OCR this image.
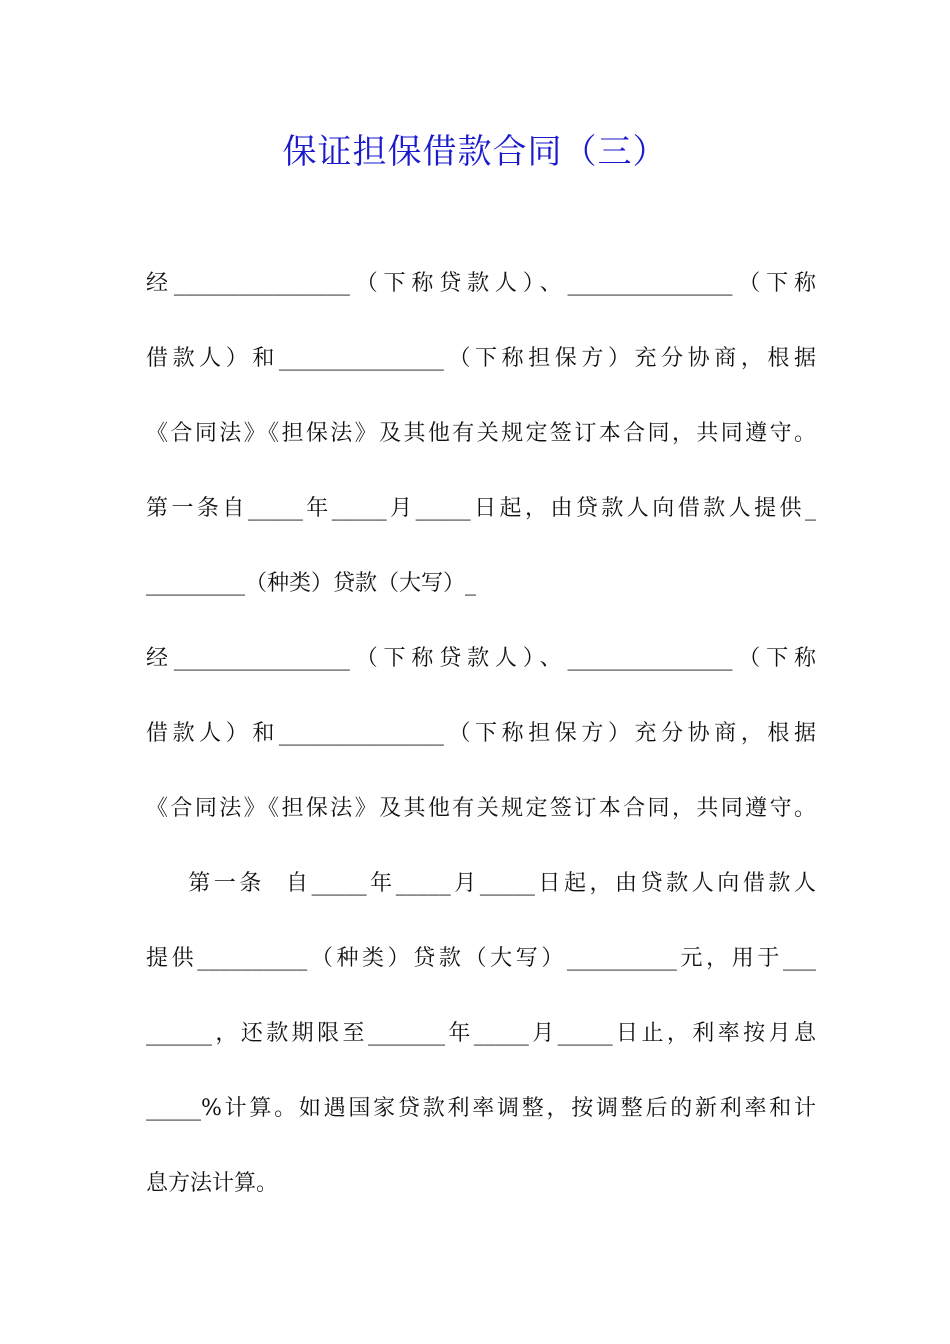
保证担保借款合同（三）
经________________（下称贷款人）、_______________（下称
借款人）和_______________（下称担保方）充分协商，根据
《合同法》《担保法》及其他有关规定签订本合同，共同遵守。
第一条自_____年_____月_____日起，由贷款人向借款人提供_
_________（种类）贷款（大写）_
经________________（下称贷款人）、_______________（下称
借款人）和_______________（下称担保方）充分协商，根据
《合同法》《担保法》及其他有关规定签订本合同，共同遵守。
第一条  自_____年_____月_____日起，由贷款人向借款人
提供__________（种类）贷款（大写）__________元，用于___
______，还款期限至_______年_____月_____日止，利率按月息
_____%计算。如遇国家贷款利率调整，按调整后的新利率和计
息方法计算。
